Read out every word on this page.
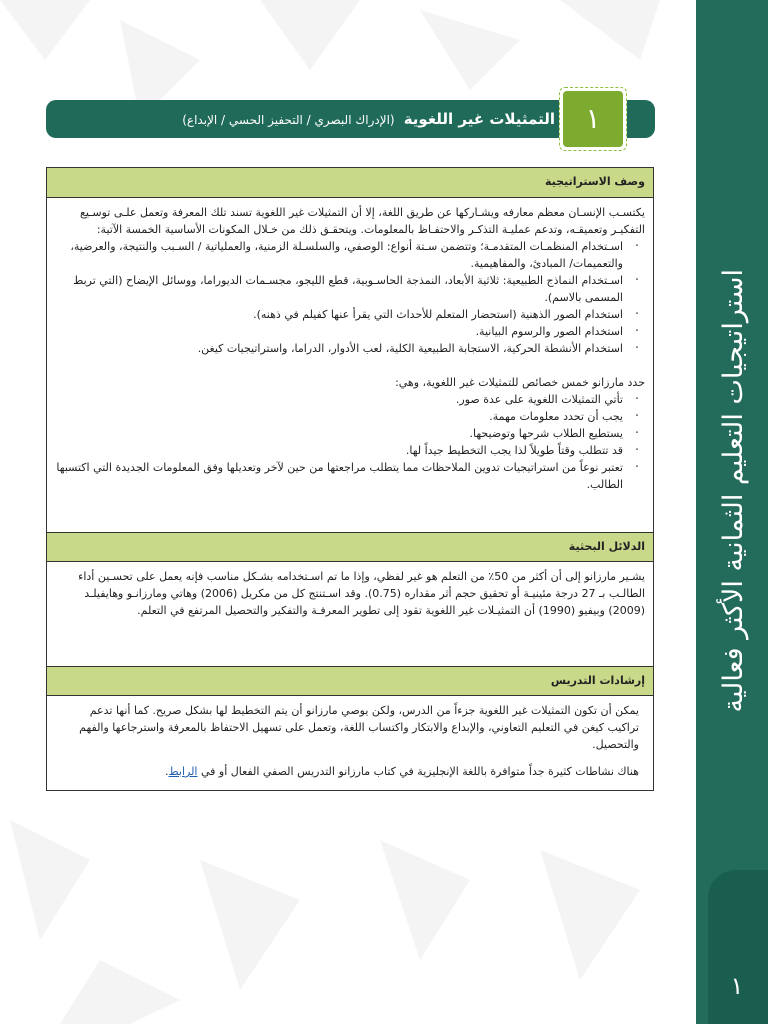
استراتيجيات التعليم الثمانية الأكثر فعالية
١
التمثيلات غير اللغوية (الإدراك البصري / التحفيز الحسي / الإبداع)	١
وصف الاستراتيجية

يكتسـب الإنسـان معظم معارفه ويشـاركها عن طريق اللغة، إلا أن التمثيلات غير اللغوية تسند تلك المعرفة وتعمل علـى توسـيع التفكيـر وتعميقـه، وتدعم عمليـة التذكـر والاحتفـاظ بالمعلومات. ويتحقـق ذلك من خـلال المكونات الأساسية الخمسة الآتية:

· اسـتخدام المنظمـات المتقدمـة؛ وتتضمن سـتة أنواع: الوصفي، والسلسـلة الزمنية، والعملياتية / السـبب والنتيجة، والعرضية، والتعميمات/ المبادئ، والمفاهيمية.
· اسـتخدام النماذج الطبيعية: ثلاثية الأبعاد، النمذجة الحاسـوبية، قطع الليجو، مجسـمات الديوراما، ووسائل الإيضاح (التي تربط المسمى بالاسم).
· استخدام الصور الذهنية (استحضار المتعلم للأحداث التي يقرأ عنها كفيلم في ذهنه).
· استخدام الصور والرسوم البيانية.
· استخدام الأنشطة الحركية، الاستجابة الطبيعية الكلية، لعب الأدوار، الدراما، واستراتيجيات كيغن.

حدد مارزانو خمس خصائص للتمثيلات غير اللغوية، وهي:

· تأتي التمثيلات اللغوية على عدة صور.
· يجب أن تحدد معلومات مهمة.
· يستطيع الطلاب شرحها وتوضيحها.
· قد تتطلب وقتاً طويلاً لذا يجب التخطيط جيداً لها.
· تعتبر نوعاً من استراتيجيات تدوين الملاحظات مما يتطلب مراجعتها من حين لآخر وتعديلها وفق المعلومات الجديدة التي اكتسبها الطالب.
الدلائل البحثية

يشـير مارزانو إلى أن أكثر من 50٪ من التعلم هو غير لفظي، وإذا ما تم اسـتخدامه بشـكل مناسب فإنه يعمل على تحسـين أداء الطالـب بـ 27 درجة مئينيـة أو تحقيق حجم أثر مقداره (0.75). وقد اسـتنتج كل من مكريل (2006) وهاتي ومارزانـو وهايفيلـد (2009) وبيفيو (1990) أن التمثيـلات غير اللغوية تقود إلى تطوير المعرفـة والتفكير والتحصيل المرتفع في التعلم.

إرشادات التدريس

يمكن أن تكون التمثيلات غير اللغوية جزءاً من الدرس، ولكن يوصي مارزانو أن يتم التخطيط لها بشكل صريح. كما أنها تدعم تراكيب كيغن في التعليم التعاوني، والإبداع والابتكار واكتساب اللغة، وتعمل على تسهيل الاحتفاظ بالمعرفة واسترجاعها والفهم والتحصيل.

هناك نشاطات كثيرة جداً متوافرة باللغة الإنجليزية في كتاب مارزانو التدريس الصفي الفعال أو في الرابط.
